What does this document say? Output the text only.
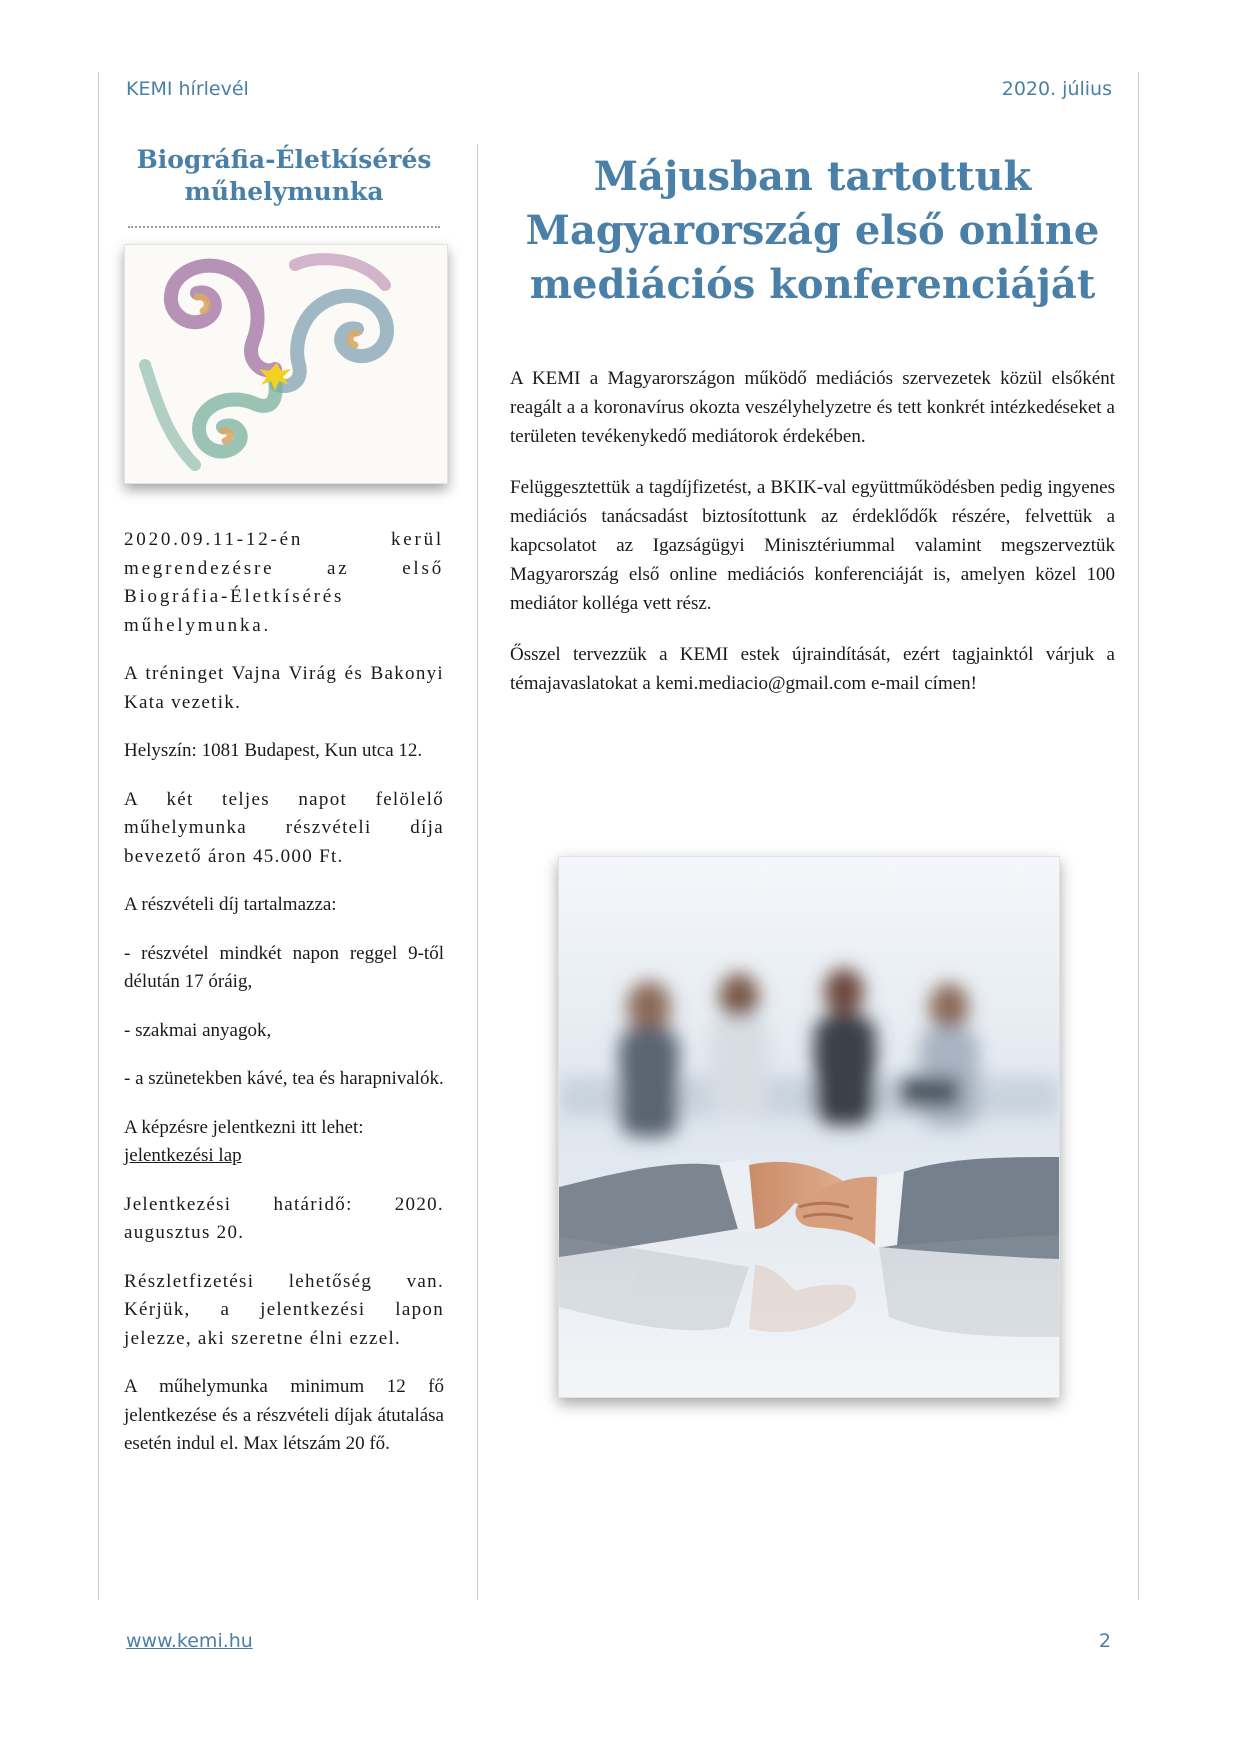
KEMI hírlevél	2020. július
Biográfia-Életkísérés műhelymunka

2020.09.11-12-én kerül megrendezésre az első Biográfia-Életkísérés műhelymunka.

A tréninget Vajna Virág és Bakonyi Kata vezetik.

Helyszín: 1081 Budapest, Kun utca 12.

A két teljes napot felölelő műhelymunka részvételi díja bevezető áron 45.000 Ft.

A részvételi díj tartalmazza:

- részvétel mindkét napon reggel 9-től délután 17 óráig,

- szakmai anyagok,

- a szünetekben kávé, tea és harapnivalók.

A képzésre jelentkezni itt lehet:
jelentkezési lap

Jelentkezési határidő: 2020. augusztus 20.

Részletfizetési lehetőség van. Kérjük, a jelentkezési lapon jelezze, aki szeretne élni ezzel.

A műhelymunka minimum 12 fő jelentkezése és a részvételi díjak átutalása esetén indul el. Max létszám 20 fő.

Májusban tartottuk Magyarország első online mediációs konferenciáját

A KEMI a Magyarországon működő mediációs szervezetek közül elsőként reagált a a koronavírus okozta veszélyhelyzetre és tett konkrét intézkedéseket a területen tevékenykedő mediátorok érdekében.

Felüggesztettük a tagdíjfizetést, a BKIK-val együttműködésben pedig ingyenes mediációs tanácsadást biztosítottunk az érdeklődők részére, felvettük a kapcsolatot az Igazságügyi Minisztériummal valamint megszerveztük Magyarország első online mediációs konferenciáját is, amelyen közel 100 mediátor kolléga vett rész.

Ősszel tervezzük a KEMI estek újraindítását, ezért tagjainktól várjuk a témajavaslatokat a kemi.mediacio@gmail.com e-mail címen!

www.kemi.hu	2
